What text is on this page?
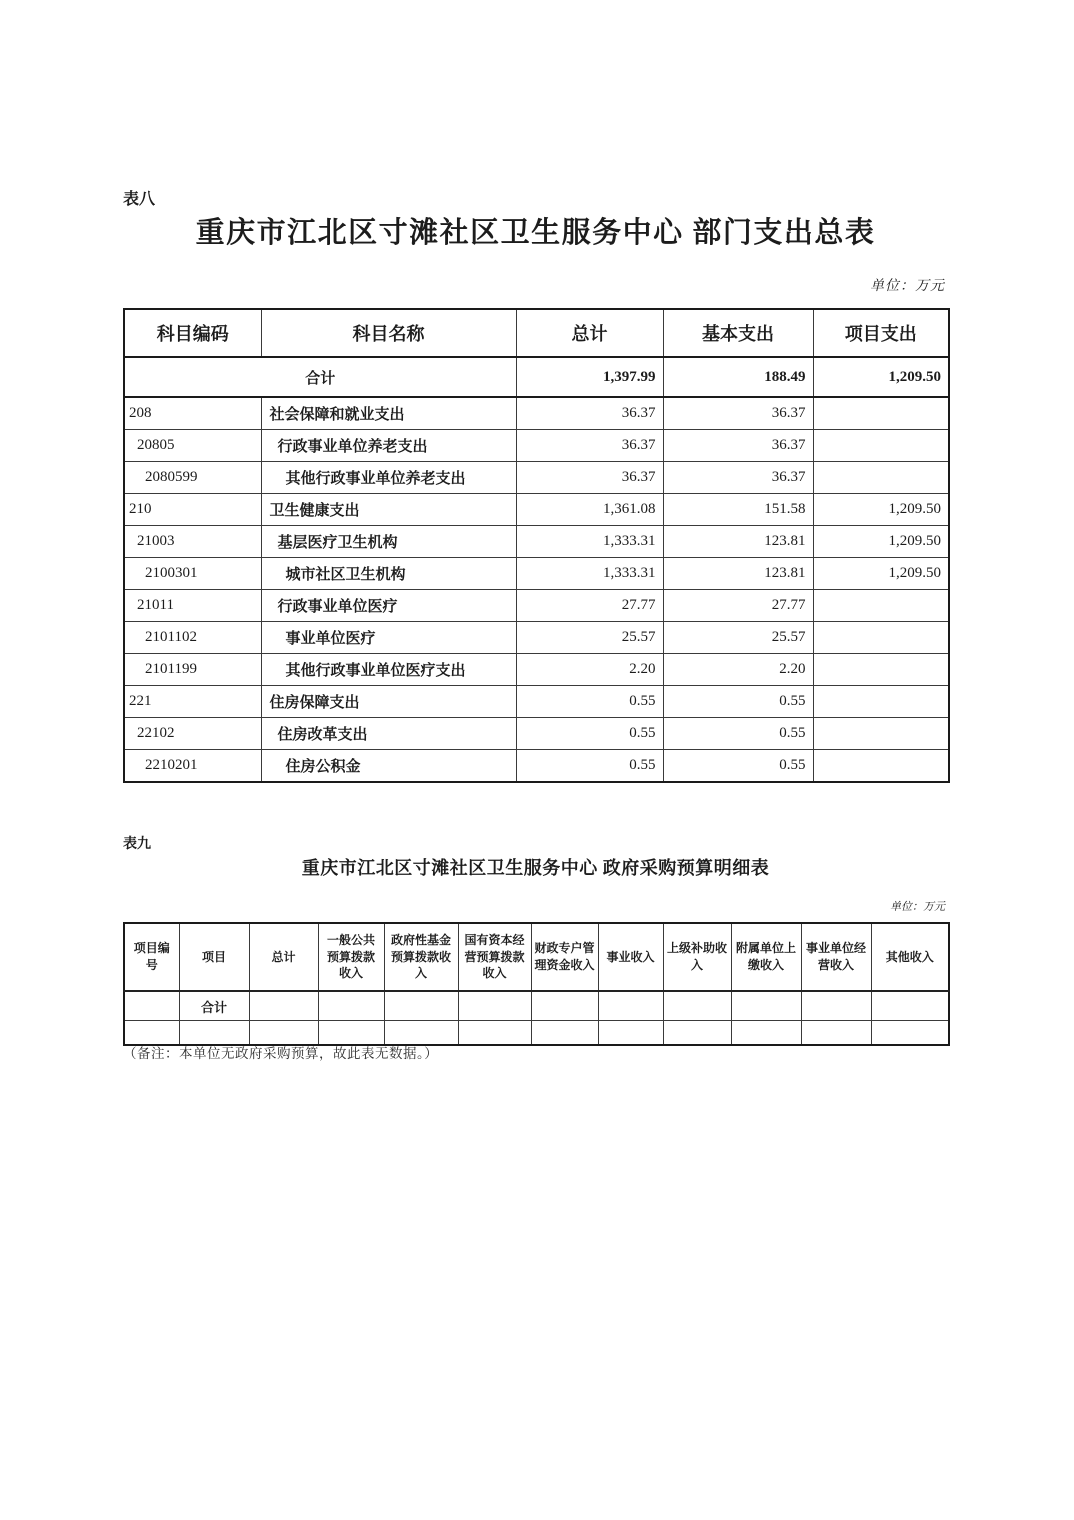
表八
重庆市江北区寸滩社区卫生服务中心 部门支出总表
单位：万元
科目编码	科目名称	总计	基本支出	项目支出
合计		1,397.99	188.49	1,209.50
208	社会保障和就业支出	36.37	36.37	
20805	行政事业单位养老支出	36.37	36.37	
2080599	其他行政事业单位养老支出	36.37	36.37	
210	卫生健康支出	1,361.08	151.58	1,209.50
21003	基层医疗卫生机构	1,333.31	123.81	1,209.50
2100301	城市社区卫生机构	1,333.31	123.81	1,209.50
21011	行政事业单位医疗	27.77	27.77	
2101102	事业单位医疗	25.57	25.57	
2101199	其他行政事业单位医疗支出	2.20	2.20	
221	住房保障支出	0.55	0.55	
22102	住房改革支出	0.55	0.55	
2210201	住房公积金	0.55	0.55	
表九
重庆市江北区寸滩社区卫生服务中心 政府采购预算明细表
单位：万元
项目编号	项目	总计	一般公共预算拨款收入	政府性基金预算拨款收入	国有资本经营预算拨款收入	财政专户管理资金收入	事业收入	上级补助收入	附属单位上缴收入	事业单位经营收入	其他收入
	合计										

（备注：本单位无政府采购预算，故此表无数据。）
